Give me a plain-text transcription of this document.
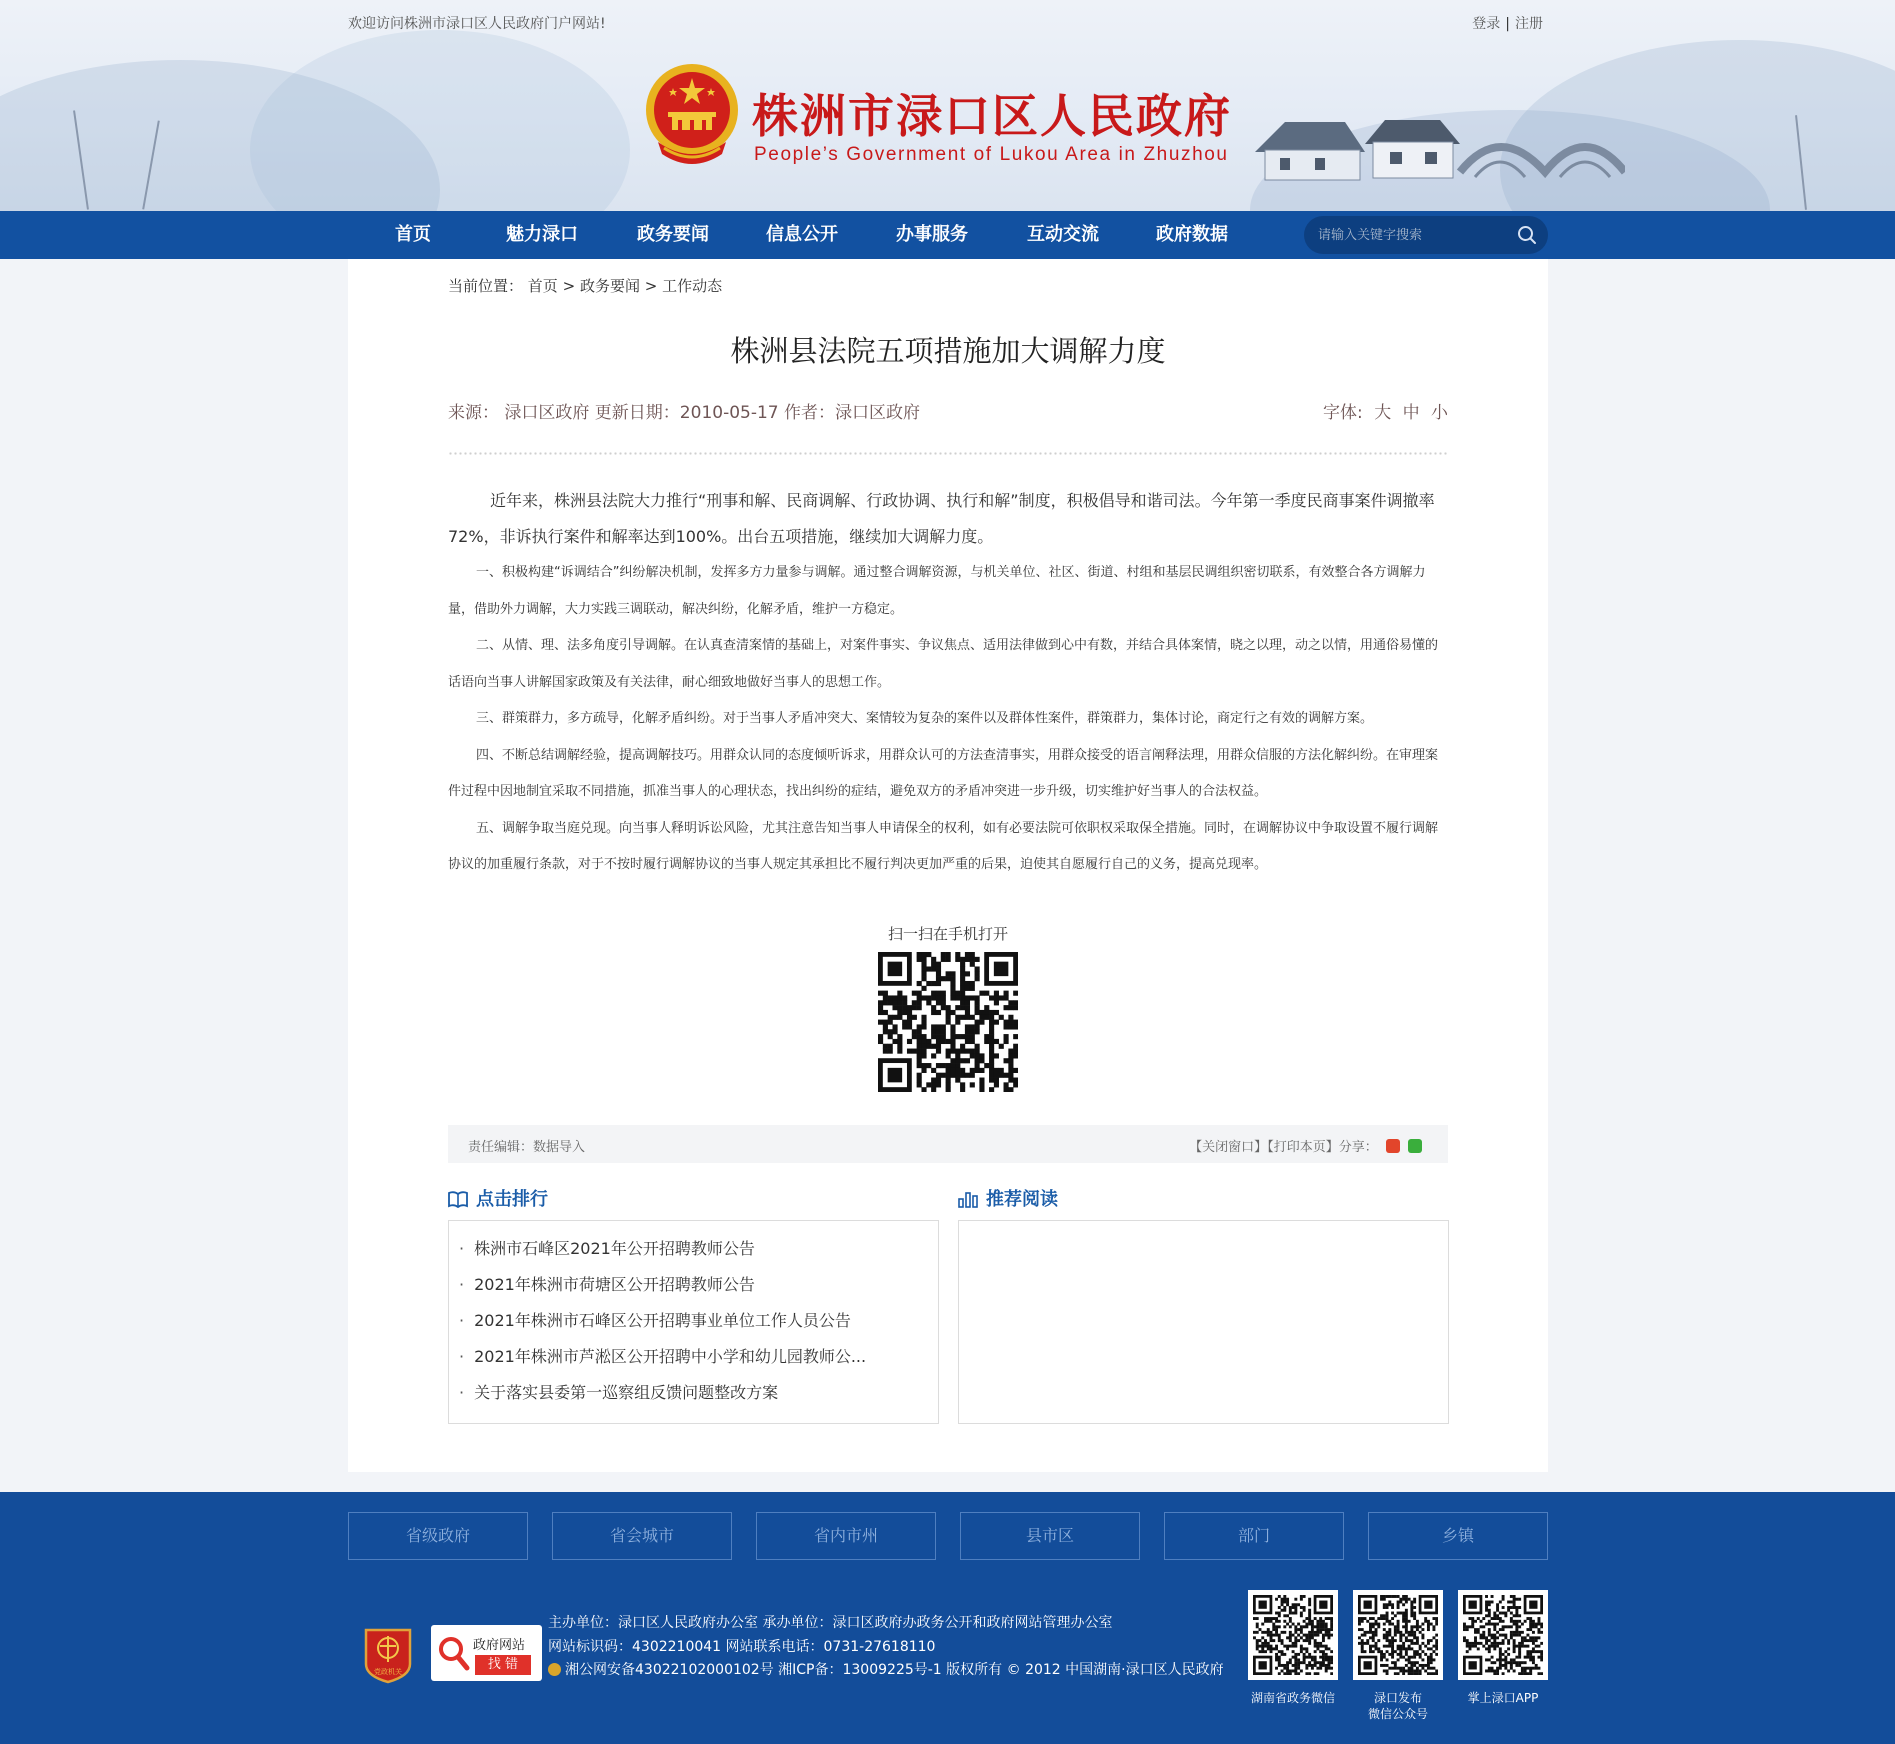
欢迎访问株洲市渌口区人民政府门户网站!	登录 | 注册
株洲市渌口区人民政府
People’s Government of Lukou Area in Zhuzhou
首页	魅力渌口	政务要闻	信息公开	办事服务	互动交流	政府数据
请输入关键字搜索
当前位置： 首页 > 政务要闻 > 工作动态
株洲县法院五项措施加大调解力度
来源： 渌口区政府 更新日期：2010-05-17 作者：渌口区政府	字体: 大 中 小

近年来，株洲县法院大力推行“刑事和解、民商调解、行政协调、执行和解”制度，积极倡导和谐司法。今年第一季度民商事案件调撤率72%，非诉执行案件和解率达到100%。出台五项措施，继续加大调解力度。

一、积极构建“诉调结合”纠纷解决机制，发挥多方力量参与调解。通过整合调解资源，与机关单位、社区、街道、村组和基层民调组织密切联系，有效整合各方调解力量，借助外力调解，大力实践三调联动，解决纠纷，化解矛盾，维护一方稳定。

二、从情、理、法多角度引导调解。在认真查清案情的基础上，对案件事实、争议焦点、适用法律做到心中有数，并结合具体案情，晓之以理，动之以情，用通俗易懂的话语向当事人讲解国家政策及有关法律，耐心细致地做好当事人的思想工作。

三、群策群力，多方疏导，化解矛盾纠纷。对于当事人矛盾冲突大、案情较为复杂的案件以及群体性案件，群策群力，集体讨论，商定行之有效的调解方案。

四、不断总结调解经验，提高调解技巧。用群众认同的态度倾听诉求，用群众认可的方法查清事实，用群众接受的语言阐释法理，用群众信服的方法化解纠纷。在审理案件过程中因地制宜采取不同措施，抓准当事人的心理状态，找出纠纷的症结，避免双方的矛盾冲突进一步升级，切实维护好当事人的合法权益。

五、调解争取当庭兑现。向当事人释明诉讼风险，尤其注意告知当事人申请保全的权利，如有必要法院可依职权采取保全措施。同时，在调解协议中争取设置不履行调解协议的加重履行条款，对于不按时履行调解协议的当事人规定其承担比不履行判决更加严重的后果，迫使其自愿履行自己的义务，提高兑现率。

扫一扫在手机打开
责任编辑：数据导入	【关闭窗口】【打印本页】分享：
点击排行	推荐阅读
· 株洲市石峰区2021年公开招聘教师公告
· 2021年株洲市荷塘区公开招聘教师公告
· 2021年株洲市石峰区公开招聘事业单位工作人员公告
· 2021年株洲市芦淞区公开招聘中小学和幼儿园教师公...
· 关于落实县委第一巡察组反馈问题整改方案
省级政府	省会城市	省内市州	县市区	部门	乡镇
党政机关
政府网站
找 错
主办单位：渌口区人民政府办公室 承办单位：渌口区政府办政务公开和政府网站管理办公室
网站标识码：4302210041 网站联系电话：0731-27618110
湘公网安备43022102000102号 湘ICP备：13009225号-1 版权所有 © 2012 中国湖南·渌口区人民政府
湖南省政务微信	渌口发布
微信公众号
掌上渌口APP
